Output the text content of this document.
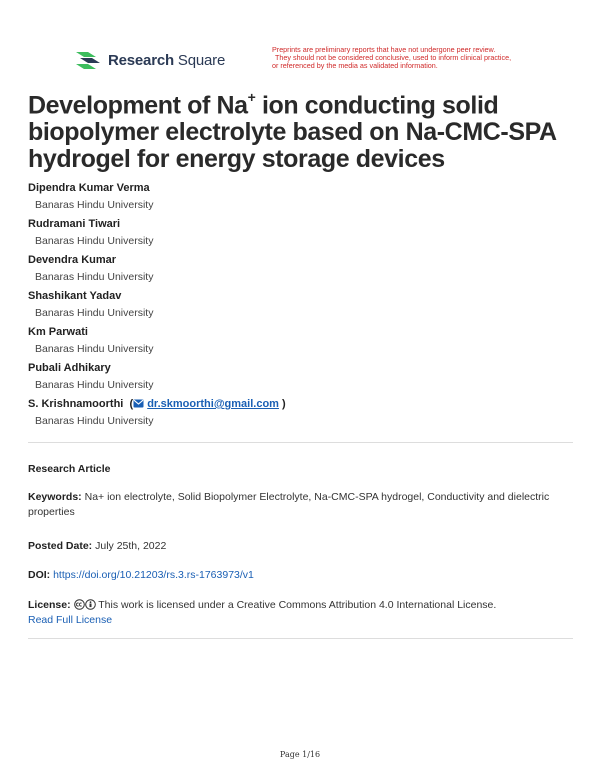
Research Square
Preprints are preliminary reports that have not undergone peer review.
They should not be considered conclusive, used to inform clinical practice,
or referenced by the media as validated information.
Development of Na+ ion conducting solid biopolymer electrolyte based on Na-CMC-SPA hydrogel for energy storage devices
Dipendra Kumar Verma
Banaras Hindu University
Rudramani Tiwari
Banaras Hindu University
Devendra Kumar
Banaras Hindu University
Shashikant Yadav
Banaras Hindu University
Km Parwati
Banaras Hindu University
Pubali Adhikary
Banaras Hindu University
S. Krishnamoorthi  ( dr.skmoorthi@gmail.com )
Banaras Hindu University
Research Article
Keywords: Na+ ion electrolyte, Solid Biopolymer Electrolyte, Na-CMC-SPA hydrogel, Conductivity and dielectric properties
Posted Date: July 25th, 2022
DOI: https://doi.org/10.21203/rs.3.rs-1763973/v1
License:	This work is licensed under a Creative Commons Attribution 4.0 International License.
Read Full License
Page 1/16
